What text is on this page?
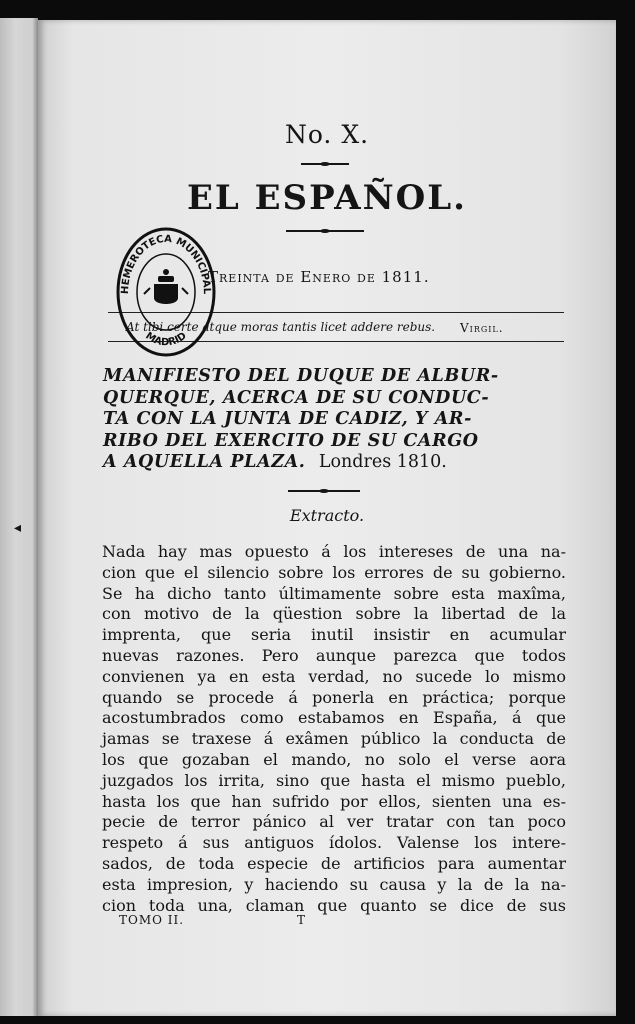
No. X.
EL ESPAÑOL.
Treinta de Enero de 1811.
At tibi certe atque moras tantis licet addere rebus. Virgil.
HEMEROTECA MUNICIPAL
MADRID
MANIFIESTO DEL DUQUE DE ALBUR-
QUERQUE, ACERCA DE SU CONDUC-
TA CON LA JUNTA DE CADIZ, Y AR-
RIBO DEL EXERCITO DE SU CARGO
A AQUELLA PLAZA. Londres 1810.
Extracto.
Nada hay mas opuesto á los intereses de una na-
cion que el silencio sobre los errores de su gobierno.
Se ha dicho tanto últimamente sobre esta maxîma,
con motivo de la qüestion sobre la libertad de la
imprenta, que seria inutil insistir en acumular
nuevas razones. Pero aunque parezca que todos
convienen ya en esta verdad, no sucede lo mismo
quando se procede á ponerla en práctica; porque
acostumbrados como estabamos en España, á que
jamas se traxese á exâmen público la conducta de
los que gozaban el mando, no solo el verse aora
juzgados los irrita, sino que hasta el mismo pueblo,
hasta los que han sufrido por ellos, sienten una es-
pecie de terror pánico al ver tratar con tan poco
respeto á sus antiguos ídolos. Valense los intere-
sados, de toda especie de artificios para aumentar
esta impresion, y haciendo su causa y la de la na-
cion toda una, claman que quanto se dice de sus
TOMO II.	T
◂
